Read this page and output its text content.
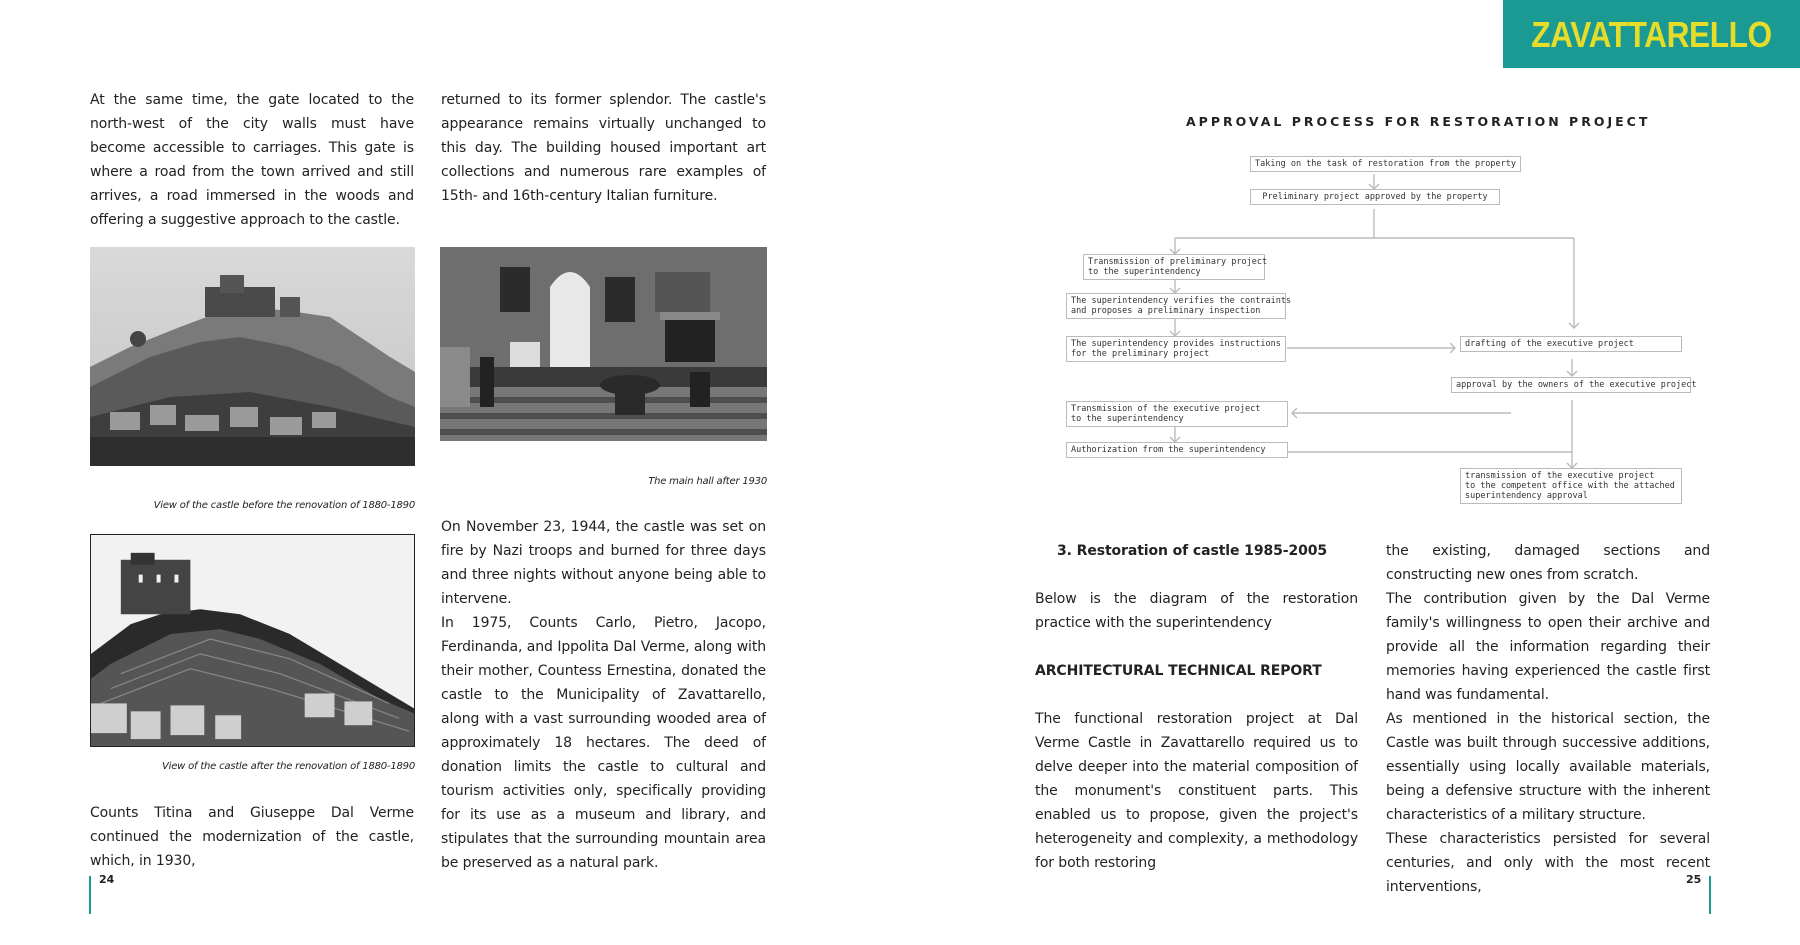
At the same time, the gate located to the north-west of the city walls must have become accessible to carriages. This gate is where a road from the town arrived and still arrives, a road immersed in the woods and offering a suggestive approach to the castle.

returned to its former splendor. The castle's appearance remains virtually unchanged to this day. The building housed important art collections and numerous rare examples of 15th- and 16th-century Italian furniture.

View of the castle before the renovation of 1880-1890
The main hall after 1930
View of the castle after the renovation of 1880-1890

Counts Titina and Giuseppe Dal Verme continued the modernization of the castle, which, in 1930,

On November 23, 1944, the castle was set on fire by Nazi troops and burned for three days and three nights without anyone being able to intervene.

In 1975, Counts Carlo, Pietro, Jacopo, Ferdinanda, and Ippolita Dal Verme, along with their mother, Countess Ernestina, donated the castle to the Municipality of Zavattarello, along with a vast surrounding wooded area of approximately 18 hectares. The deed of donation limits the castle to cultural and tourism activities only, specifically providing for its use as a museum and library, and stipulates that the surrounding mountain area be preserved as a natural park.

24
ZAVATTARELLO
APPROVAL PROCESS FOR RESTORATION PROJECT
Taking on the task of restoration from the property
Preliminary project approved by the property
Transmission of preliminary project
to the superintendency
The superintendency verifies the contraints
and proposes a preliminary inspection
The superintendency provides instructions
for the preliminary project
drafting of the executive project
approval by the owners of the executive project
Transmission of the executive project
to the superintendency
Authorization from the superintendency
transmission of the executive project
to the competent office with the attached
superintendency approval

3. Restoration of castle 1985-2005

Below is the diagram of the restoration practice with the superintendency

ARCHITECTURAL TECHNICAL REPORT

The functional restoration project at Dal Verme Castle in Zavattarello required us to delve deeper into the material composition of the monument's constituent parts. This enabled us to propose, given the project's heterogeneity and complexity, a methodology for both restoring

the existing, damaged sections and constructing new ones from scratch.

The contribution given by the Dal Verme family's willingness to open their archive and provide all the information regarding their memories having experienced the castle first hand was fundamental.

As mentioned in the historical section, the Castle was built through successive additions, essentially using locally available materials, being a defensive structure with the inherent characteristics of a military structure.

These characteristics persisted for several centuries, and only with the most recent interventions,	25
